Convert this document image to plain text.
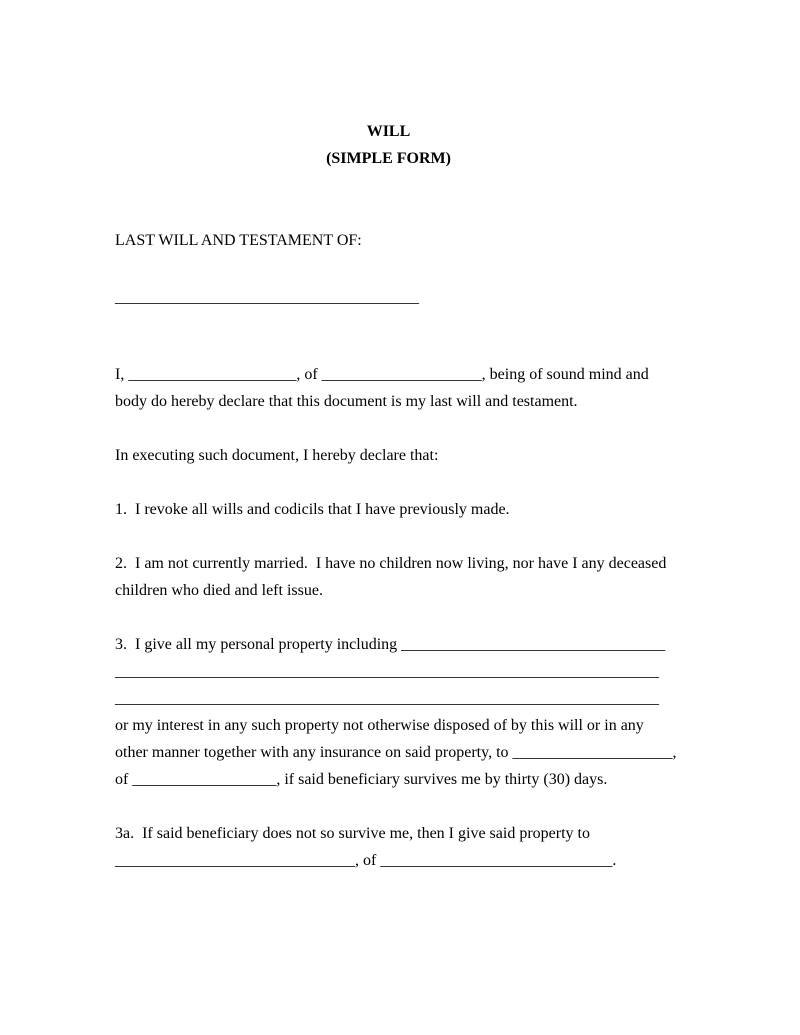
WILL
(SIMPLE FORM)
LAST WILL AND TESTAMENT OF:
______________________________________
I, _____________________, of ____________________, being of sound mind and
body do hereby declare that this document is my last will and testament.
In executing such document, I hereby declare that:
1.  I revoke all wills and codicils that I have previously made.
2.  I am not currently married.  I have no children now living, nor have I any deceased
children who died and left issue.
3.  I give all my personal property including _________________________________
____________________________________________________________________
____________________________________________________________________
or my interest in any such property not otherwise disposed of by this will or in any
other manner together with any insurance on said property, to ____________________,
of __________________, if said beneficiary survives me by thirty (30) days.
3a.  If said beneficiary does not so survive me, then I give said property to
______________________________, of _____________________________.
